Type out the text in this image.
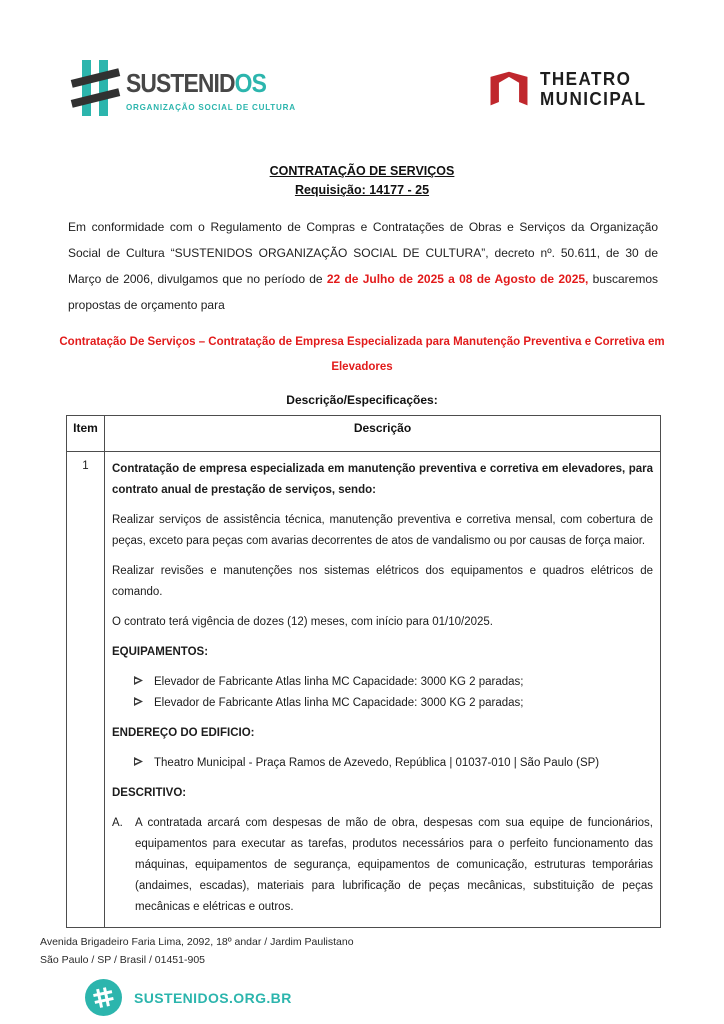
SUSTENIDOS
ORGANIZAÇÃO SOCIAL DE CULTURA
THEATRO
MUNICIPAL
CONTRATAÇÃO DE SERVIÇOS
Requisição: 14177 - 25

Em conformidade com o Regulamento de Compras e Contratações de Obras e Serviços da Organização Social de Cultura “SUSTENIDOS ORGANIZAÇÃO SOCIAL DE CULTURA”, decreto nº. 50.611, de 30 de Março de 2006, divulgamos que no período de 22 de Julho de 2025 a 08 de Agosto de 2025, buscaremos propostas de orçamento para

Contratação De Serviços – Contratação de Empresa Especializada para Manutenção Preventiva e Corretiva em Elevadores
Descrição/Especificações:
Item	Descrição
1	Contratação de empresa especializada em manutenção preventiva e corretiva em elevadores, para contrato anual de prestação de serviços, sendo:
Realizar serviços de assistência técnica, manutenção preventiva e corretiva mensal, com cobertura de peças, exceto para peças com avarias decorrentes de atos de vandalismo ou por causas de força maior.
Realizar revisões e manutenções nos sistemas elétricos dos equipamentos e quadros elétricos de comando.
O contrato terá vigência de dozes (12) meses, com início para 01/10/2025.
EQUIPAMENTOS:
Elevador de Fabricante Atlas linha MC Capacidade: 3000 KG 2 paradas;
Elevador de Fabricante Atlas linha MC Capacidade: 3000 KG 2 paradas;
ENDEREÇO DO EDIFICIO:
Theatro Municipal - Praça Ramos de Azevedo, República | 01037-010 | São Paulo (SP)
DESCRITIVO:
A.	A contratada arcará com despesas de mão de obra, despesas com sua equipe de funcionários, equipamentos para executar as tarefas, produtos necessários para o perfeito funcionamento das máquinas, equipamentos de segurança, equipamentos de comunicação, estruturas temporárias (andaimes, escadas), materiais para lubrificação de peças mecânicas, substituição de peças mecânicas e elétricas e outros.
Avenida Brigadeiro Faria Lima, 2092, 18º andar / Jardim Paulistano
São Paulo / SP / Brasil / 01451-905
SUSTENIDOS.ORG.BR
